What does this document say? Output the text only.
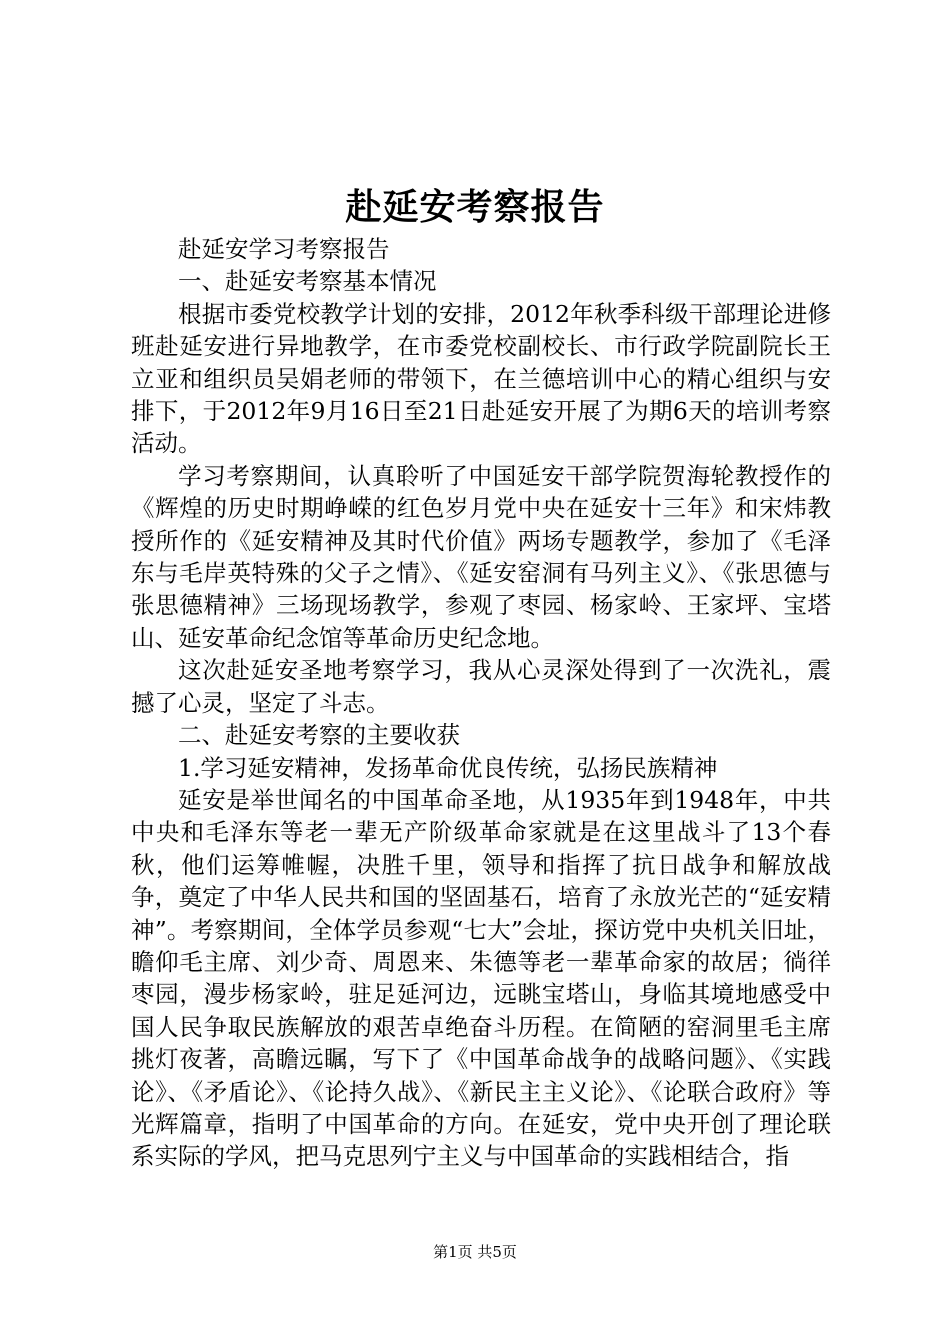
赴延安考察报告

赴延安学习考察报告

一、赴延安考察基本情况

根据市委党校教学计划的安排，2012年秋季科级干部理论进修班赴延安进行异地教学，在市委党校副校长、市行政学院副院长王立亚和组织员吴娟老师的带领下，在兰德培训中心的精心组织与安排下，于2012年9月16日至21日赴延安开展了为期6天的培训考察活动。

学习考察期间，认真聆听了中国延安干部学院贺海轮教授作的《辉煌的历史时期峥嵘的红色岁月党中央在延安十三年》和宋炜教授所作的《延安精神及其时代价值》两场专题教学，参加了《毛泽东与毛岸英特殊的父子之情》、《延安窑洞有马列主义》、《张思德与张思德精神》三场现场教学，参观了枣园、杨家岭、王家坪、宝塔山、延安革命纪念馆等革命历史纪念地。

这次赴延安圣地考察学习，我从心灵深处得到了一次洗礼，震撼了心灵，坚定了斗志。

二、赴延安考察的主要收获

1.学习延安精神，发扬革命优良传统，弘扬民族精神

延安是举世闻名的中国革命圣地，从1935年到1948年，中共中央和毛泽东等老一辈无产阶级革命家就是在这里战斗了13个春秋，他们运筹帷幄，决胜千里，领导和指挥了抗日战争和解放战争，奠定了中华人民共和国的坚固基石，培育了永放光芒的“延安精神”。考察期间，全体学员参观“七大”会址，探访党中央机关旧址，瞻仰毛主席、刘少奇、周恩来、朱德等老一辈革命家的故居；徜徉枣园，漫步杨家岭，驻足延河边，远眺宝塔山，身临其境地感受中国人民争取民族解放的艰苦卓绝奋斗历程。在简陋的窑洞里毛主席挑灯夜著，高瞻远瞩，写下了《中国革命战争的战略问题》、《实践论》、《矛盾论》、《论持久战》、《新民主主义论》、《论联合政府》等光辉篇章，指明了中国革命的方向。在延安，党中央开创了理论联系实际的学风，把马克思列宁主义与中国革命的实践相结合，指

第1页 共5页
